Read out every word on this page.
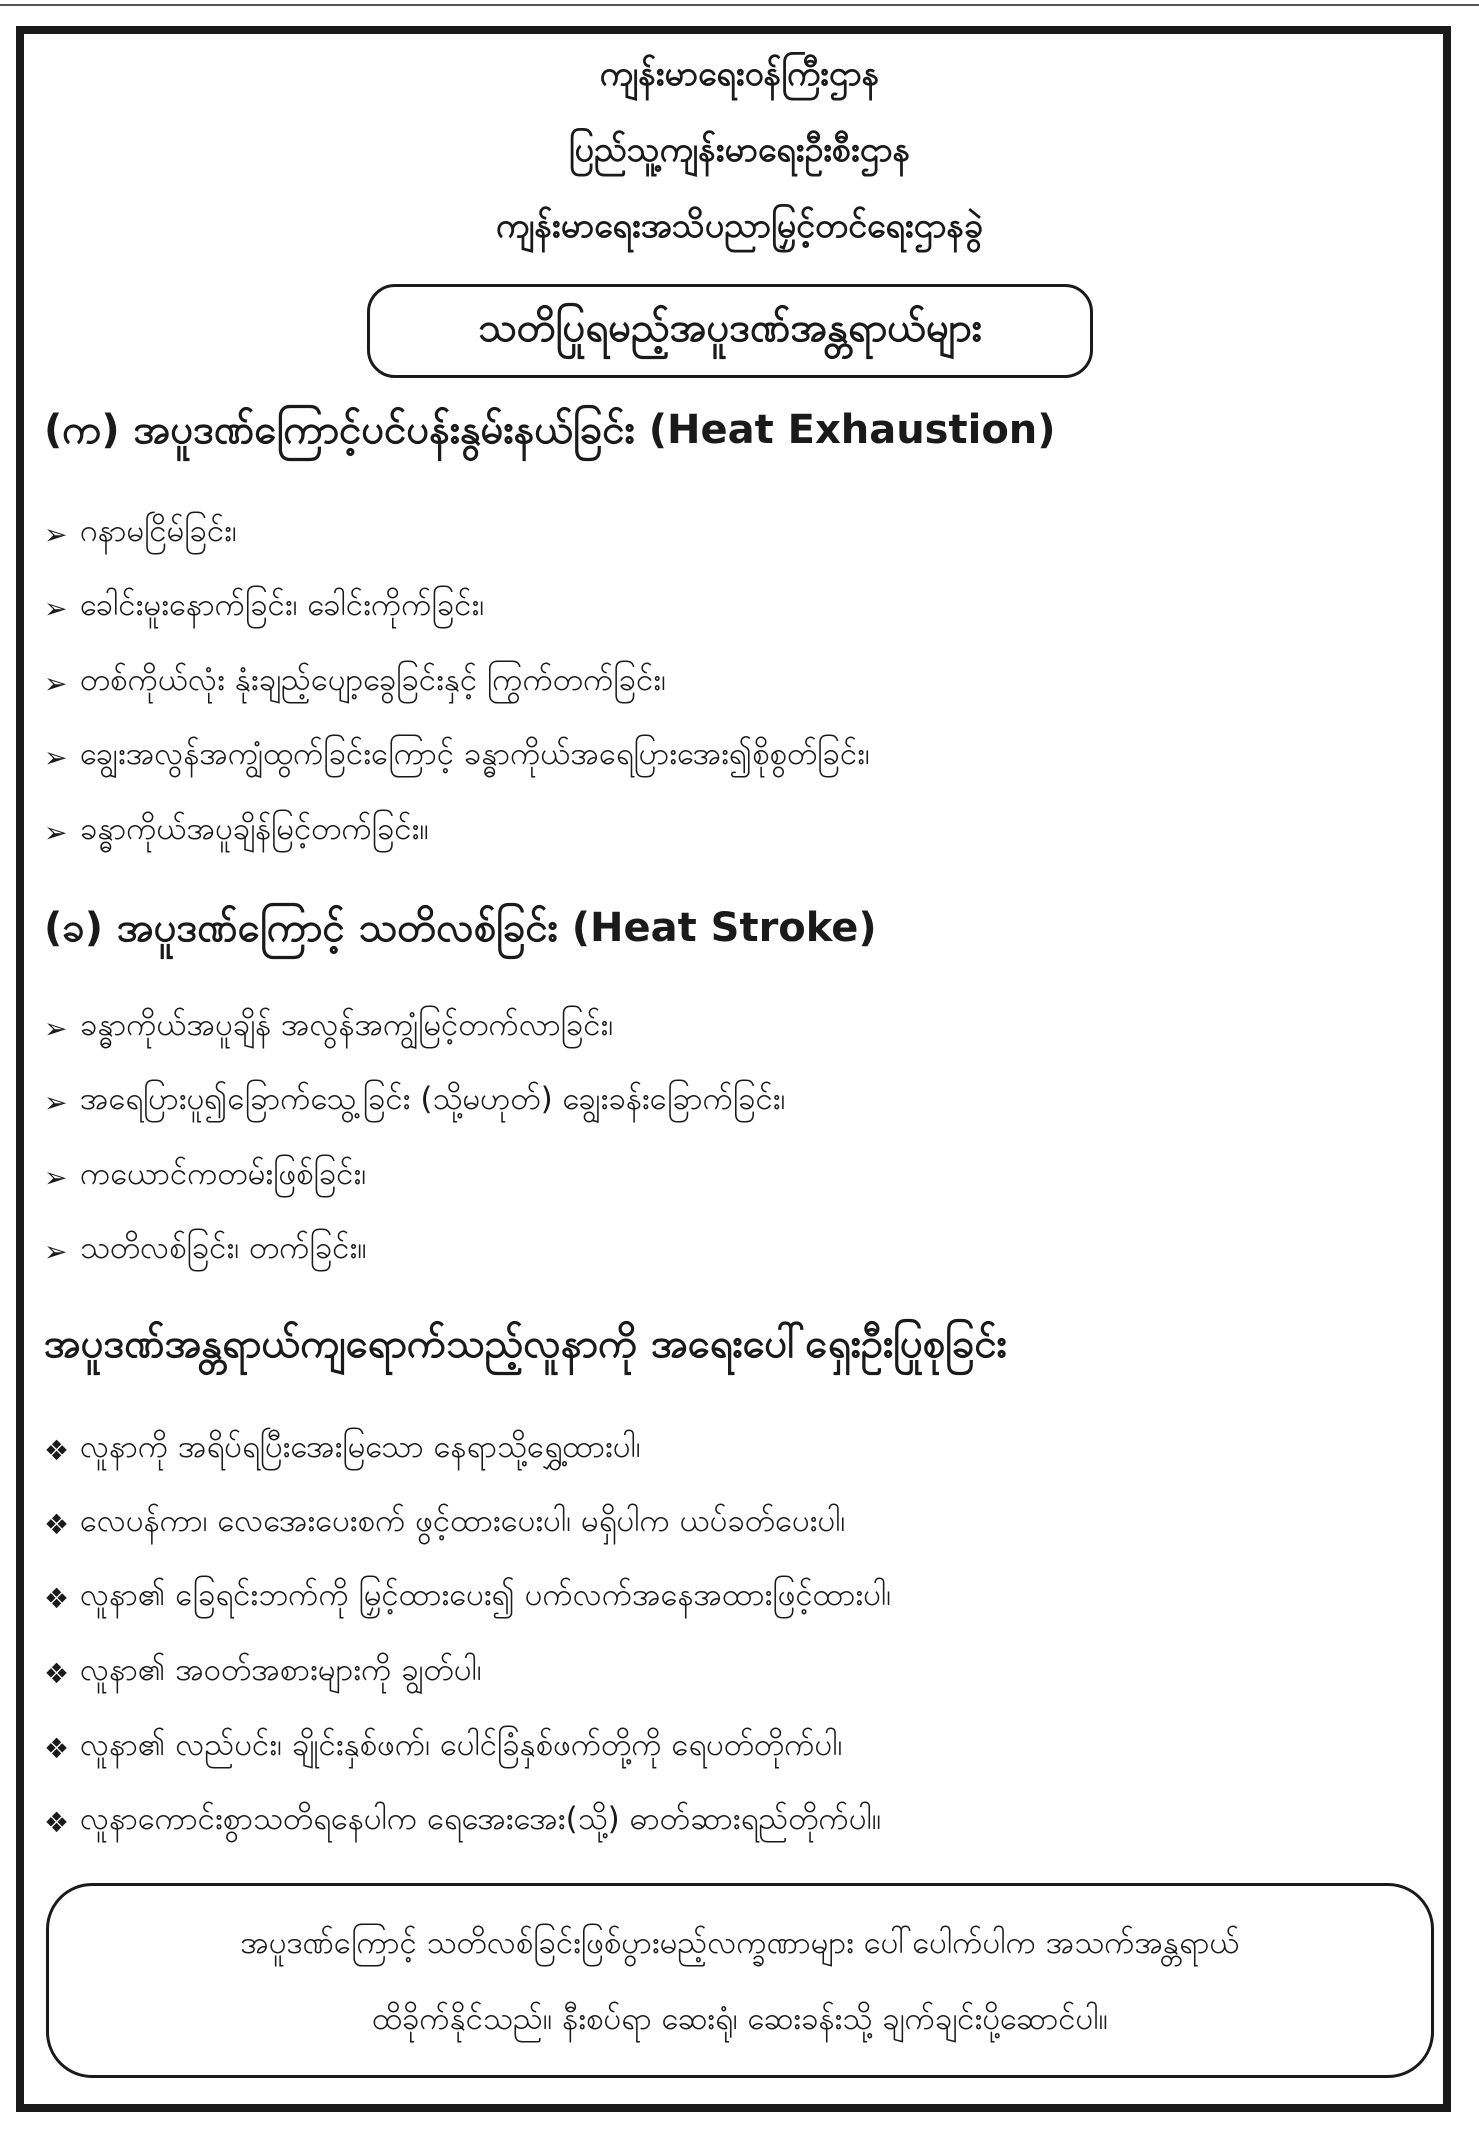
ကျန်းမာရေးဝန်ကြီးဌာန
ပြည်သူ့ကျန်းမာရေးဦးစီးဌာန
ကျန်းမာရေးအသိပညာမြှင့်တင်ရေးဌာနခွဲ
သတိပြုရမည့်အပူဒဏ်အန္တရာယ်များ
(က) အပူဒဏ်ကြောင့်ပင်ပန်းနွမ်းနယ်ခြင်း (Heat Exhaustion)
➢ ဂနာမငြိမ်ခြင်း၊
➢ ခေါင်းမူးနောက်ခြင်း၊ ခေါင်းကိုက်ခြင်း၊
➢ တစ်ကိုယ်လုံး နုံးချည့်ပျော့ခွေခြင်းနှင့် ကြွက်တက်ခြင်း၊
➢ ချွေးအလွန်အကျွံထွက်ခြင်းကြောင့် ခန္ဓာကိုယ်အရေပြားအေး၍စိုစွတ်ခြင်း၊
➢ ခန္ဓာကိုယ်အပူချိန်မြင့်တက်ခြင်း။
(ခ) အပူဒဏ်ကြောင့် သတိလစ်ခြင်း (Heat Stroke)
➢ ခန္ဓာကိုယ်အပူချိန် အလွန်အကျွံမြင့်တက်လာခြင်း၊
➢ အရေပြားပူ၍ခြောက်သွေ့ခြင်း (သို့မဟုတ်) ချွေးခန်းခြောက်ခြင်း၊
➢ ကယောင်ကတမ်းဖြစ်ခြင်း၊
➢ သတိလစ်ခြင်း၊ တက်ခြင်း။
အပူဒဏ်အန္တရာယ်ကျရောက်သည့်လူနာကို အရေးပေါ်ရှေးဦးပြုစုခြင်း
❖ လူနာကို အရိပ်ရပြီးအေးမြသော နေရာသို့ရွှေ့ထားပါ၊
❖ လေပန်ကာ၊ လေအေးပေးစက် ဖွင့်ထားပေးပါ၊ မရှိပါက ယပ်ခတ်ပေးပါ၊
❖ လူနာ၏ ခြေရင်းဘက်ကို မြှင့်ထားပေး၍ ပက်လက်အနေအထားဖြင့်ထားပါ၊
❖ လူနာ၏ အဝတ်အစားများကို ချွတ်ပါ၊
❖ လူနာ၏ လည်ပင်း၊ ချိုင်းနှစ်ဖက်၊ ပေါင်ခြံနှစ်ဖက်တို့ကို ရေပတ်တိုက်ပါ၊
❖ လူနာကောင်းစွာသတိရနေပါက ရေအေးအေး(သို့) ဓာတ်ဆားရည်တိုက်ပါ။
အပူဒဏ်ကြောင့် သတိလစ်ခြင်းဖြစ်ပွားမည့်လက္ခဏာများ ပေါ်ပေါက်ပါက အသက်အန္တရာယ်
ထိခိုက်နိုင်သည်။ နီးစပ်ရာ ဆေးရုံ၊ ဆေးခန်းသို့ ချက်ချင်းပို့ဆောင်ပါ။
